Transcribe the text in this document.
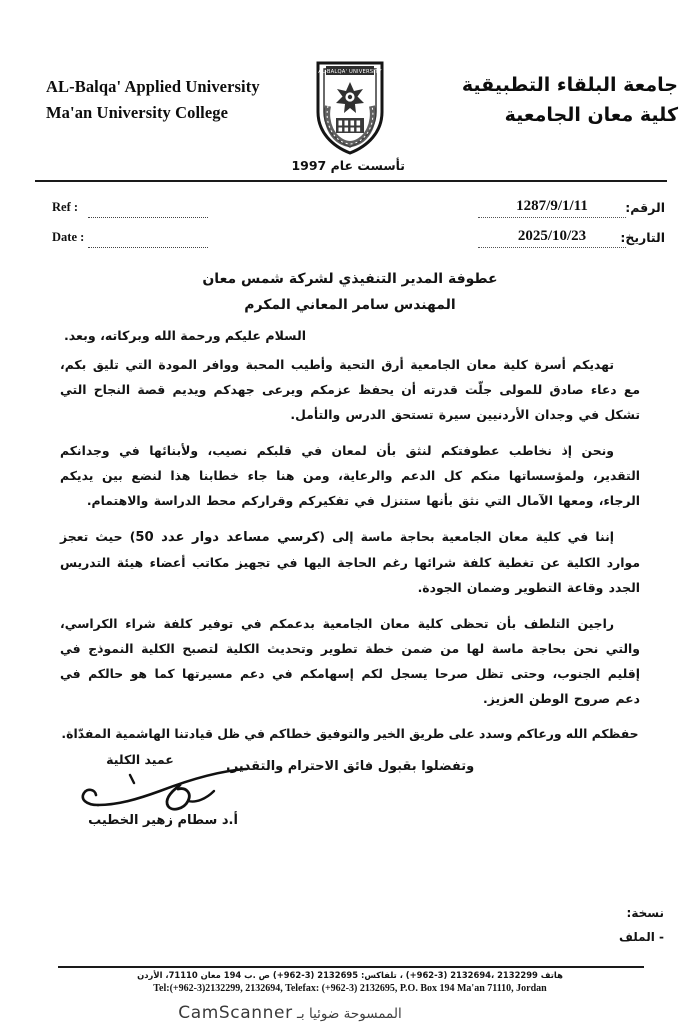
AL-Balqa' Applied University
Ma'an University College
AL-BALQA' UNIVERSITY
تأسست عام 1997
جامعة البلقاء التطبيقية
كلية معان الجامعية
Ref :
Date :
الرقم:
1287/9/1/11
التاريخ:
2025/10/23
عطوفة المدير التنفيذي لشركة شمس معان
المهندس سامر المعاني المكرم
السلام عليكم ورحمة الله وبركاته، وبعد.

تهديكم أسرة كلية معان الجامعية أرق التحية وأطيب المحبة ووافر المودة التي تليق بكم، مع دعاء صادق للمولى جلّت قدرته أن يحفظ عزمكم ويرعى جهدكم ويديم قصة النجاح التي تشكل في وجدان الأردنيين سيرة تستحق الدرس والتأمل.

ونحن إذ نخاطب عطوفتكم لنثق بأن لمعان في قلبكم نصيب، ولأبنائها في وجدانكم التقدير، ولمؤسساتها منكم كل الدعم والرعاية، ومن هنا جاء خطابنا هذا لنضع بين يديكم الرجاء، ومعها الآمال التي نثق بأنها ستنزل في تفكيركم وقراركم محط الدراسة والاهتمام.

إننا في كلية معان الجامعية بحاجة ماسة إلى (كرسي مساعد دوار عدد 50) حيث تعجز موارد الكلية عن تغطية كلفة شرائها رغم الحاجة اليها في تجهيز مكاتب أعضاء هيئة التدريس الجدد وقاعة التطوير وضمان الجودة.

راجين التلطف بأن تحظى كلية معان الجامعية بدعمكم في توفير كلفة شراء الكراسي، والتي نحن بحاجة ماسة لها من ضمن خطة تطوير وتحديث الكلية لتصبح الكلية النموذج في إقليم الجنوب، وحتى تظل صرحا يسجل لكم إسهامكم في دعم مسيرتها كما هو حالكم في دعم صروح الوطن العزيز.

حفظكم الله ورعاكم وسدد على طريق الخير والتوفيق خطاكم في ظل قيادتنا الهاشمية المفدّاة.

وتفضلوا بقبول فائق الاحترام والتقدير.

عميد الكلية
أ.د سطام زهير الخطيب
نسخة:
- الملف
هاتف 2132299 ،2132694 (3-962+) ، تلفاكس: 2132695 (3-962+) ص .ب 194 معان 71110، الأردن
Tel:(+962-3)2132299, 2132694, Telefax: (+962-3) 2132695, P.O. Box 194 Ma'an 71110, Jordan
الممسوحة ضوئيا بـ CamScanner
